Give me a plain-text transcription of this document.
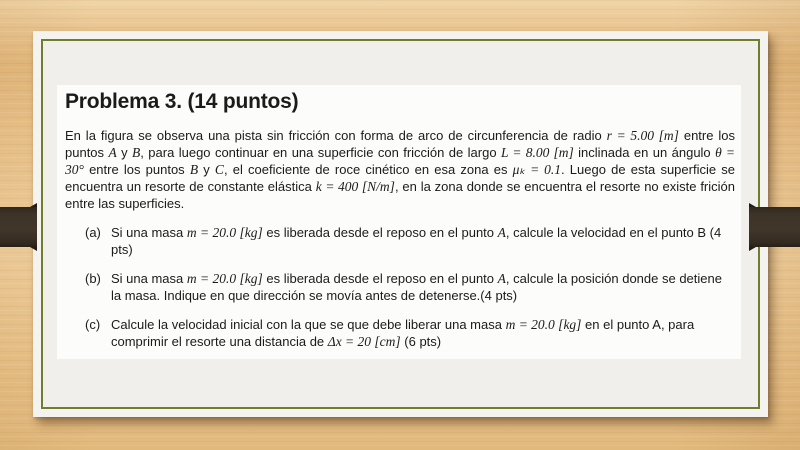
Problema 3. (14 puntos)

En la figura se observa una pista sin fricción con forma de arco de circunferencia de radio r = 5.00 [m] entre los puntos A y B, para luego continuar en una superficie con fricción de largo L = 8.00 [m] inclinada en un ángulo θ = 30° entre los puntos B y C, el coeficiente de roce cinético en esa zona es μₖ = 0.1. Luego de esta superficie se encuentra un resorte de constante elástica k = 400 [N/m], en la zona donde se encuentra el resorte no existe frición entre las superficies.

(a) Si una masa m = 20.0 [kg] es liberada desde el reposo en el punto A, calcule la velocidad en el punto B (4 pts)
(b) Si una masa m = 20.0 [kg] es liberada desde el reposo en el punto A, calcule la posición donde se detiene la masa. Indique en que dirección se movía antes de detenerse.(4 pts)
(c) Calcule la velocidad inicial con la que se que debe liberar una masa m = 20.0 [kg] en el punto A, para comprimir el resorte una distancia de Δx = 20 [cm] (6 pts)
